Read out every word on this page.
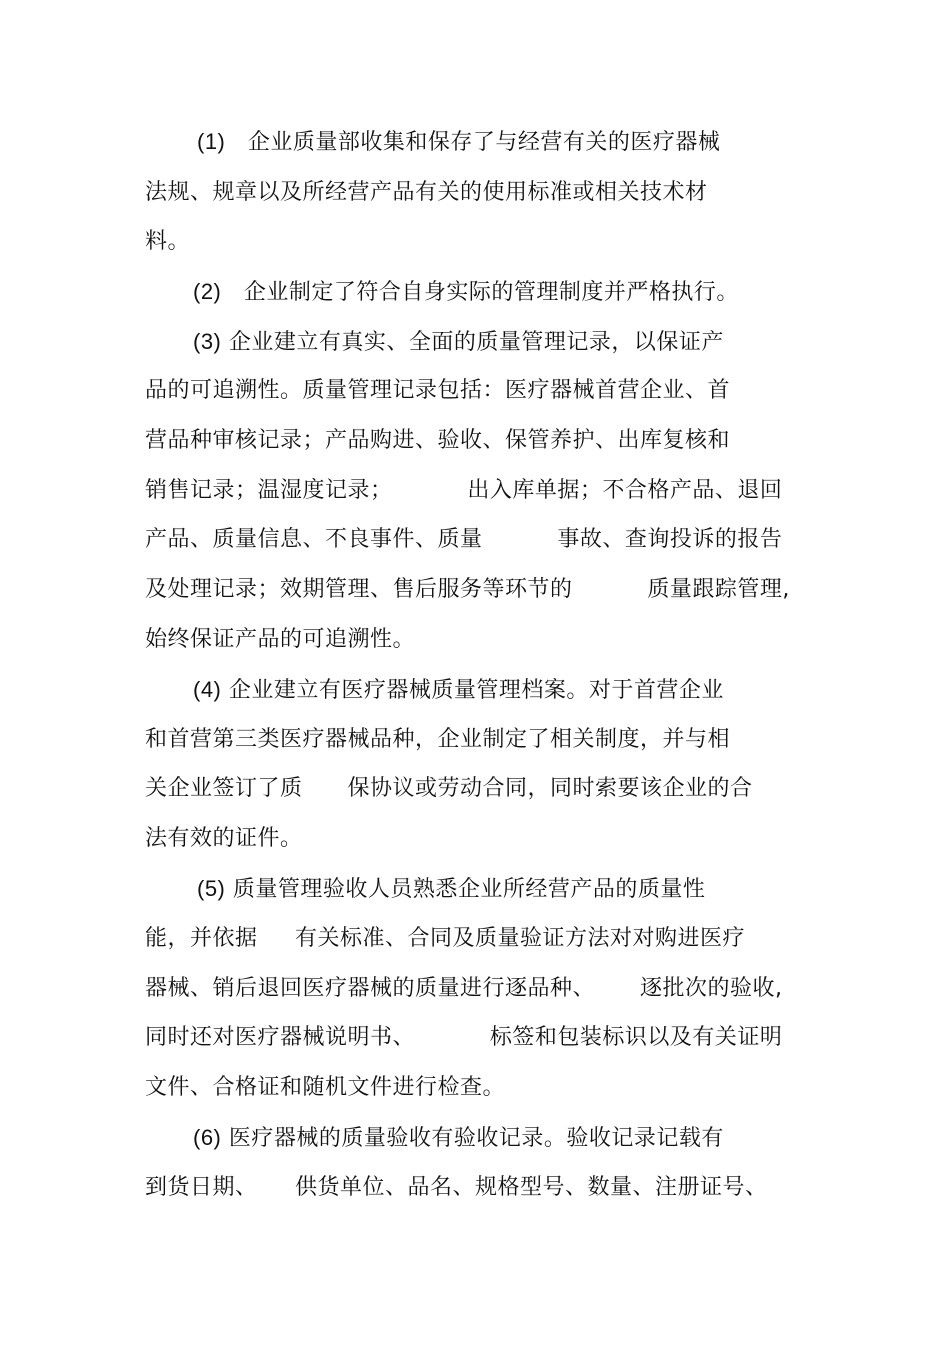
(1) 企业质量部收集和保存了与经营有关的医疗器械
法规、规章以及所经营产品有关的使用标准或相关技术材
料。
(2) 企业制定了符合自身实际的管理制度并严格执行。
(3) 企业建立有真实、全面的质量管理记录，以保证产
品的可追溯性。质量管理记录包括：医疗器械首营企业、首
营品种审核记录；产品购进、验收、保管养护、出库复核和
销售记录；温湿度记录；          出入库单据；不合格产品、退回
产品、质量信息、不良事件、质量          事故、查询投诉的报告
及处理记录；效期管理、售后服务等环节的          质量跟踪管理,
始终保证产品的可追溯性。
(4) 企业建立有医疗器械质量管理档案。对于首营企业
和首营第三类医疗器械品种，企业制定了相关制度，并与相
关企业签订了质      保协议或劳动合同，同时索要该企业的合
法有效的证件。
(5) 质量管理验收人员熟悉企业所经营产品的质量性
能，并依据     有关标准、合同及质量验证方法对对购进医疗
器械、销后退回医疗器械的质量进行逐品种、      逐批次的验收,
同时还对医疗器械说明书、          标签和包装标识以及有关证明
文件、合格证和随机文件进行检查。
(6) 医疗器械的质量验收有验收记录。验收记录记载有
到货日期、     供货单位、品名、规格型号、数量、注册证号、
